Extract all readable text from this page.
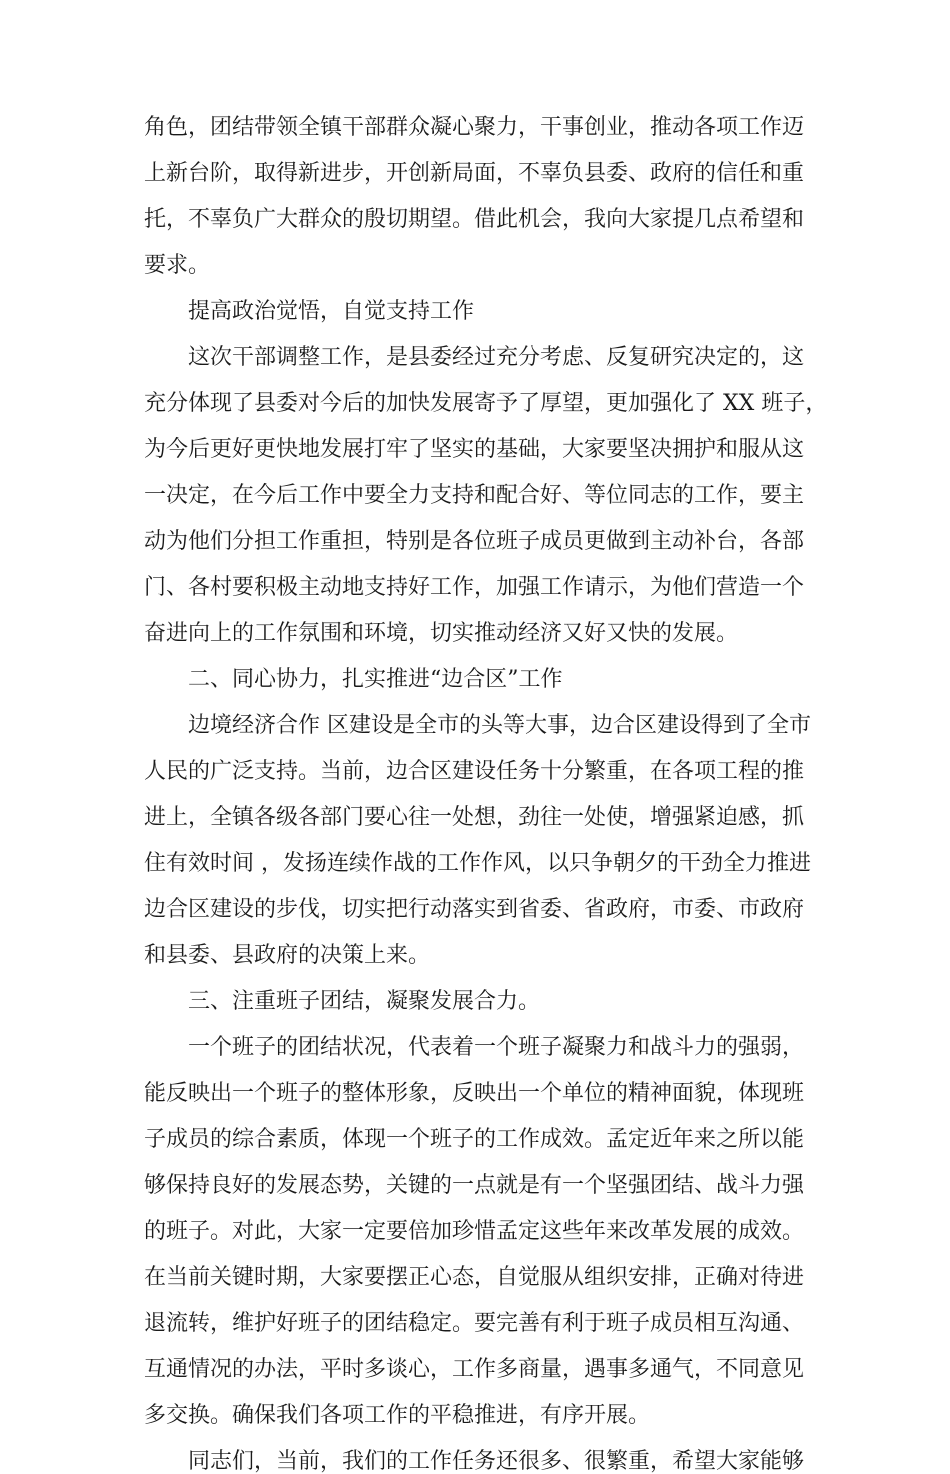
角色，团结带领全镇干部群众凝心聚力，干事创业，推动各项工作迈
上新台阶，取得新进步，开创新局面，不辜负县委、政府的信任和重
托，不辜负广大群众的殷切期望。借此机会，我向大家提几点希望和
要求。
提高政治觉悟，自觉支持工作
这次干部调整工作，是县委经过充分考虑、反复研究决定的，这
充分体现了县委对今后的加快发展寄予了厚望，更加强化了 XX 班子，
为今后更好更快地发展打牢了坚实的基础，大家要坚决拥护和服从这
一决定，在今后工作中要全力支持和配合好、等位同志的工作，要主
动为他们分担工作重担，特别是各位班子成员更做到主动补台，各部
门、各村要积极主动地支持好工作，加强工作请示，为他们营造一个
奋进向上的工作氛围和环境，切实推动经济又好又快的发展。
二、同心协力，扎实推进“边合区”工作
边境经济合作 区建设是全市的头等大事，边合区建设得到了全市
人民的广泛支持。当前，边合区建设任务十分繁重，在各项工程的推
进上，全镇各级各部门要心往一处想，劲往一处使，增强紧迫感，抓
住有效时间 ，发扬连续作战的工作作风，以只争朝夕的干劲全力推进
边合区建设的步伐，切实把行动落实到省委、省政府，市委、市政府
和县委、县政府的决策上来。
三、注重班子团结，凝聚发展合力。
一个班子的团结状况，代表着一个班子凝聚力和战斗力的强弱，
能反映出一个班子的整体形象，反映出一个单位的精神面貌，体现班
子成员的综合素质，体现一个班子的工作成效。孟定近年来之所以能
够保持良好的发展态势，关键的一点就是有一个坚强团结、战斗力强
的班子。对此，大家一定要倍加珍惜孟定这些年来改革发展的成效。
在当前关键时期，大家要摆正心态，自觉服从组织安排，正确对待进
退流转，维护好班子的团结稳定。要完善有利于班子成员相互沟通、
互通情况的办法，平时多谈心，工作多商量，遇事多通气，不同意见
多交换。确保我们各项工作的平稳推进，有序开展。
同志们，当前，我们的工作任务还很多、很繁重，希望大家能够
